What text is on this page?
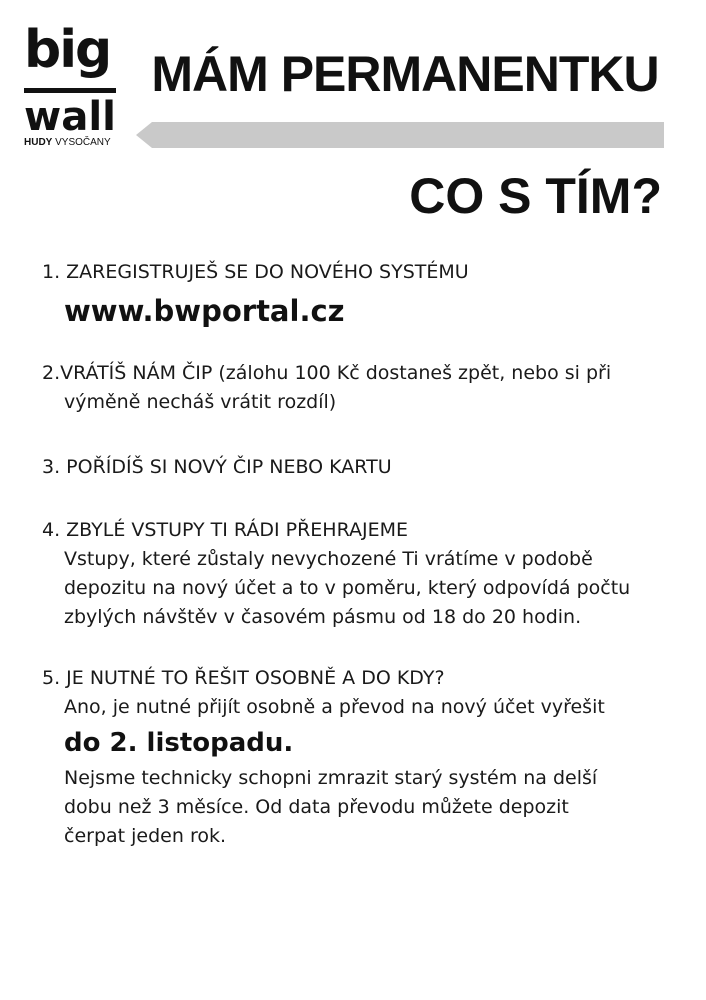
big
wall
HUDY VYSOČANY
MÁM PERMANENTKU
CO S TÍM?
1. ZAREGISTRUJEŠ SE DO NOVÉHO SYSTÉMU
www.bwportal.cz
2.VRÁTÍŠ NÁM ČIP (zálohu 100 Kč dostaneš zpět, nebo si při
výměně necháš vrátit rozdíl)
3. POŘÍDÍŠ SI NOVÝ ČIP NEBO KARTU
4. ZBYLÉ VSTUPY TI RÁDI PŘEHRAJEME
Vstupy, které zůstaly nevychozené Ti vrátíme v podobě
depozitu na nový účet a to v poměru, který odpovídá počtu
zbylých návštěv v časovém pásmu od 18 do 20 hodin.
5. JE NUTNÉ TO ŘEŠIT OSOBNĚ A DO KDY?
Ano, je nutné přijít osobně a převod na nový účet vyřešit
do 2. listopadu.
Nejsme technicky schopni zmrazit starý systém na delší
dobu než 3 měsíce. Od data převodu můžete depozit
čerpat jeden rok.
